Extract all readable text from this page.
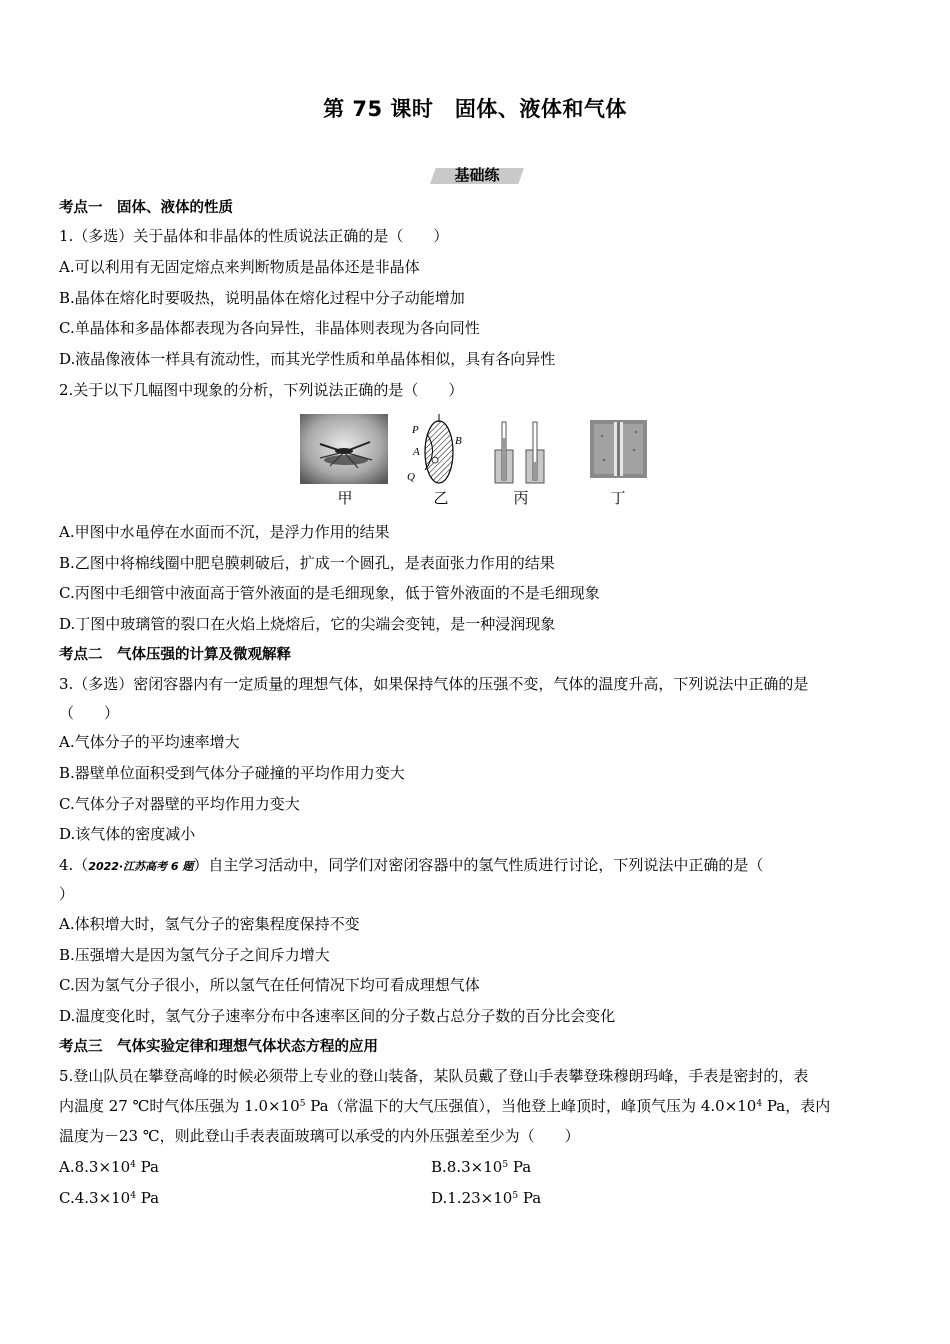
第 75 课时　固体、液体和气体
基础练
考点一　固体、液体的性质
1.（多选）关于晶体和非晶体的性质说法正确的是（　　）
A.可以利用有无固定熔点来判断物质是晶体还是非晶体
B.晶体在熔化时要吸热，说明晶体在熔化过程中分子动能增加
C.单晶体和多晶体都表现为各向异性，非晶体则表现为各向同性
D.液晶像液体一样具有流动性，而其光学性质和单晶体相似，具有各向异性
2.关于以下几幅图中现象的分析，下列说法正确的是（　　）
甲
P
B
A
Q
乙	丙	丁
A.甲图中水黾停在水面而不沉，是浮力作用的结果
B.乙图中将棉线圈中肥皂膜刺破后，扩成一个圆孔，是表面张力作用的结果
C.丙图中毛细管中液面高于管外液面的是毛细现象，低于管外液面的不是毛细现象
D.丁图中玻璃管的裂口在火焰上烧熔后，它的尖端会变钝，是一种浸润现象
考点二　气体压强的计算及微观解释
3.（多选）密闭容器内有一定质量的理想气体，如果保持气体的压强不变，气体的温度升高，下列说法中正确的是
（　　）
A.气体分子的平均速率增大
B.器壁单位面积受到气体分子碰撞的平均作用力变大
C.气体分子对器壁的平均作用力变大
D.该气体的密度减小
4.（2022·江苏高考 6 题）自主学习活动中，同学们对密闭容器中的氢气性质进行讨论，下列说法中正确的是（
）
A.体积增大时，氢气分子的密集程度保持不变
B.压强增大是因为氢气分子之间斥力增大
C.因为氢气分子很小，所以氢气在任何情况下均可看成理想气体
D.温度变化时，氢气分子速率分布中各速率区间的分子数占总分子数的百分比会变化
考点三　气体实验定律和理想气体状态方程的应用
5.登山队员在攀登高峰的时候必须带上专业的登山装备，某队员戴了登山手表攀登珠穆朗玛峰，手表是密封的，表
内温度 27 ℃时气体压强为 $1.0\times 10^5$ Pa（常温下的大气压强值），当他登上峰顶时，峰顶气压为 $4.0\times 10^4$ Pa，表内
温度为－23 ℃，则此登山手表表面玻璃可以承受的内外压强差至少为（　　）
$A.8.3\times 10^4$ Pa	$B.8.3\times 10^5$ Pa
$C.4.3\times 10^4$ Pa	$D.1.23\times 10^5$ Pa
